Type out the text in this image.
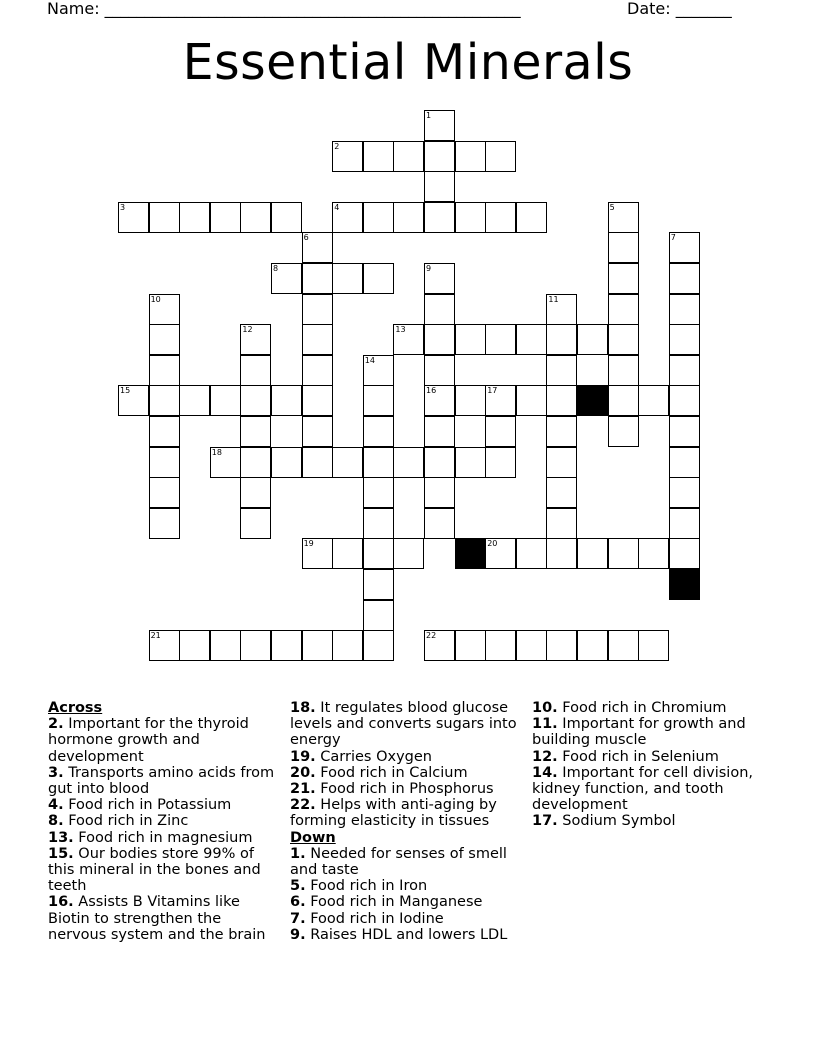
Name: ____________________________________________________	Date: _______
Essential Minerals
1
2
3	4	5
6	7
8	9
16
10	11
12	13
14
15	17
18
19	20
21	22

Across

2. Important for the thyroid hormone growth and development

3. Transports amino acids from gut into blood

4. Food rich in Potassium

8. Food rich in Zinc

13. Food rich in magnesium

15. Our bodies store 99% of this mineral in the bones and teeth

16. Assists B Vitamins like Biotin to strengthen the nervous system and the brain

18. It regulates blood glucose levels and converts sugars into energy

19. Carries Oxygen

20. Food rich in Calcium

21. Food rich in Phosphorus

22. Helps with anti-aging by forming elasticity in tissues

Down

1. Needed for senses of smell and taste

5. Food rich in Iron

6. Food rich in Manganese

7. Food rich in Iodine

9. Raises HDL and lowers LDL

10. Food rich in Chromium

11. Important for growth and building muscle

12. Food rich in Selenium

14. Important for cell division, kidney function, and tooth development

17. Sodium Symbol
